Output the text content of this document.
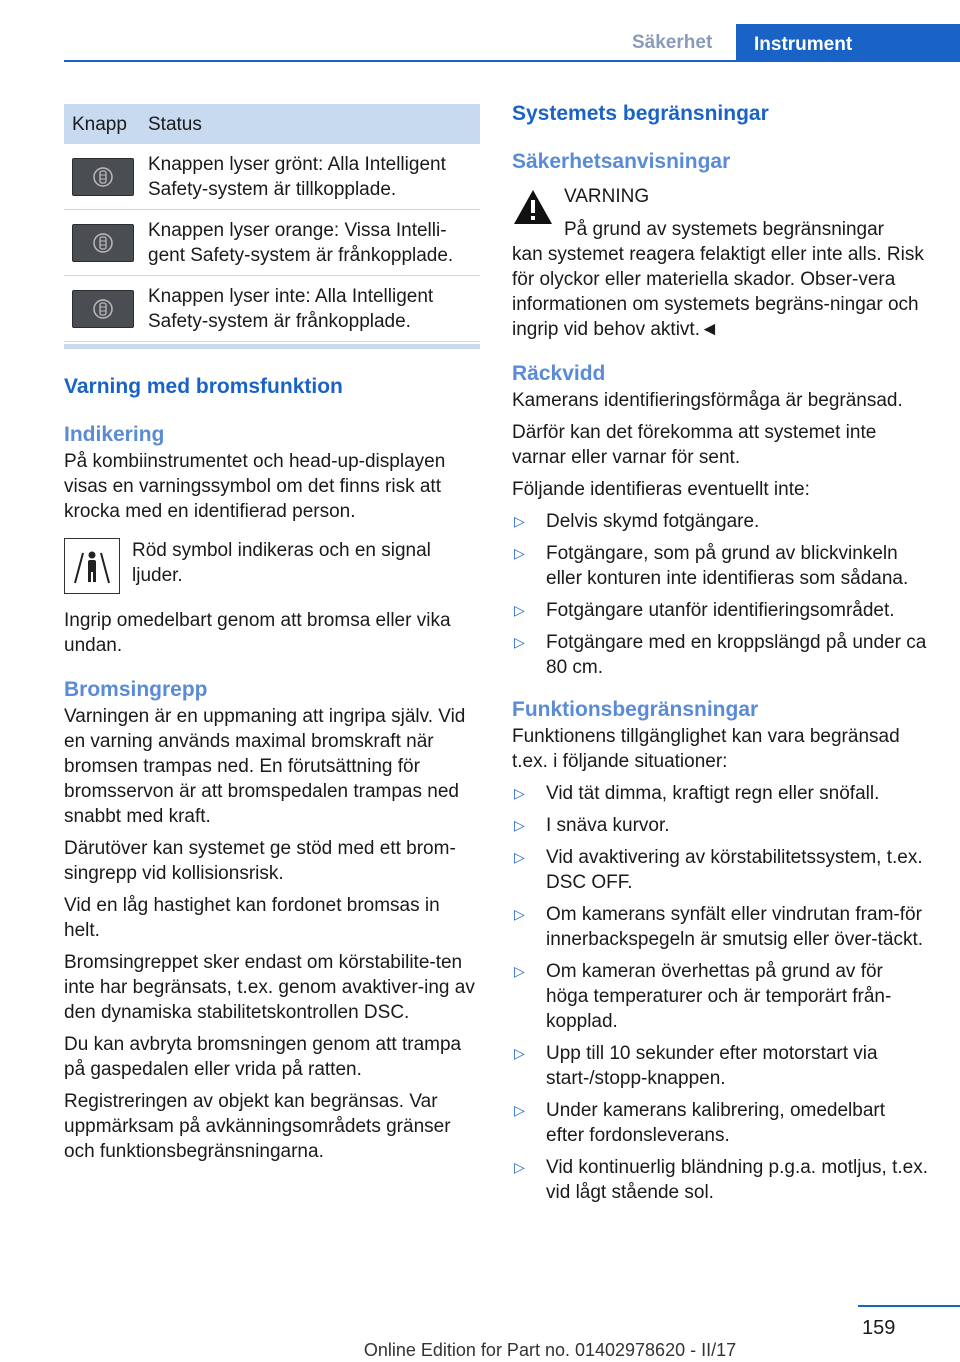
Säkerhet	Instrument
Knapp	Status
Knappen lyser grönt: Alla Intelligent Safety-system är tillkopplade.
Knappen lyser orange: Vissa Intelli-gent Safety-system är frånkopplade.
Knappen lyser inte: Alla Intelligent Safety-system är frånkopplade.
Varning med bromsfunktion
Indikering

På kombiinstrumentet och head-up-displayen visas en varningssymbol om det finns risk att krocka med en identifierad person.

Röd symbol indikeras och en signal ljuder.

Ingrip omedelbart genom att bromsa eller vika undan.

Bromsingrepp

Varningen är en uppmaning att ingripa själv. Vid en varning används maximal bromskraft när bromsen trampas ned. En förutsättning för bromsservon är att bromspedalen trampas ned snabbt med kraft.

Därutöver kan systemet ge stöd med ett brom-singrepp vid kollisionsrisk.

Vid en låg hastighet kan fordonet bromsas in helt.

Bromsingreppet sker endast om körstabilite-ten inte har begränsats, t.ex. genom avaktiver-ing av den dynamiska stabilitetskontrollen DSC.

Du kan avbryta bromsningen genom att trampa på gaspedalen eller vrida på ratten.

Registreringen av objekt kan begränsas. Var uppmärksam på avkänningsområdets gränser och funktionsbegränsningarna.

Systemets begränsningar
Säkerhetsanvisningar
VARNING
På grund av systemets begränsningar
kan systemet reagera felaktigt eller inte alls. Risk för olyckor eller materiella skador. Obser-vera informationen om systemets begräns-ningar och ingrip vid behov aktivt.◄
Räckvidd

Kamerans identifieringsförmåga är begränsad.

Därför kan det förekomma att systemet inte varnar eller varnar för sent.

Följande identifieras eventuellt inte:

▷ Delvis skymd fotgängare.
▷ Fotgängare, som på grund av blickvinkeln eller konturen inte identifieras som sådana.
▷ Fotgängare utanför identifieringsområdet.
▷ Fotgängare med en kroppslängd på under ca 80 cm.
Funktionsbegränsningar

Funktionens tillgänglighet kan vara begränsad t.ex. i följande situationer:

▷ Vid tät dimma, kraftigt regn eller snöfall.
▷ I snäva kurvor.
▷ Vid avaktivering av körstabilitetssystem, t.ex. DSC OFF.
▷ Om kamerans synfält eller vindrutan fram-för innerbackspegeln är smutsig eller över-täckt.
▷ Om kameran överhettas på grund av för höga temperaturer och är temporärt från-kopplad.
▷ Upp till 10 sekunder efter motorstart via start-/stopp-knappen.
▷ Under kamerans kalibrering, omedelbart efter fordonsleverans.
▷ Vid kontinuerlig bländning p.g.a. motljus, t.ex. vid lågt stående sol.
159
Online Edition for Part no. 01402978620 - II/17
